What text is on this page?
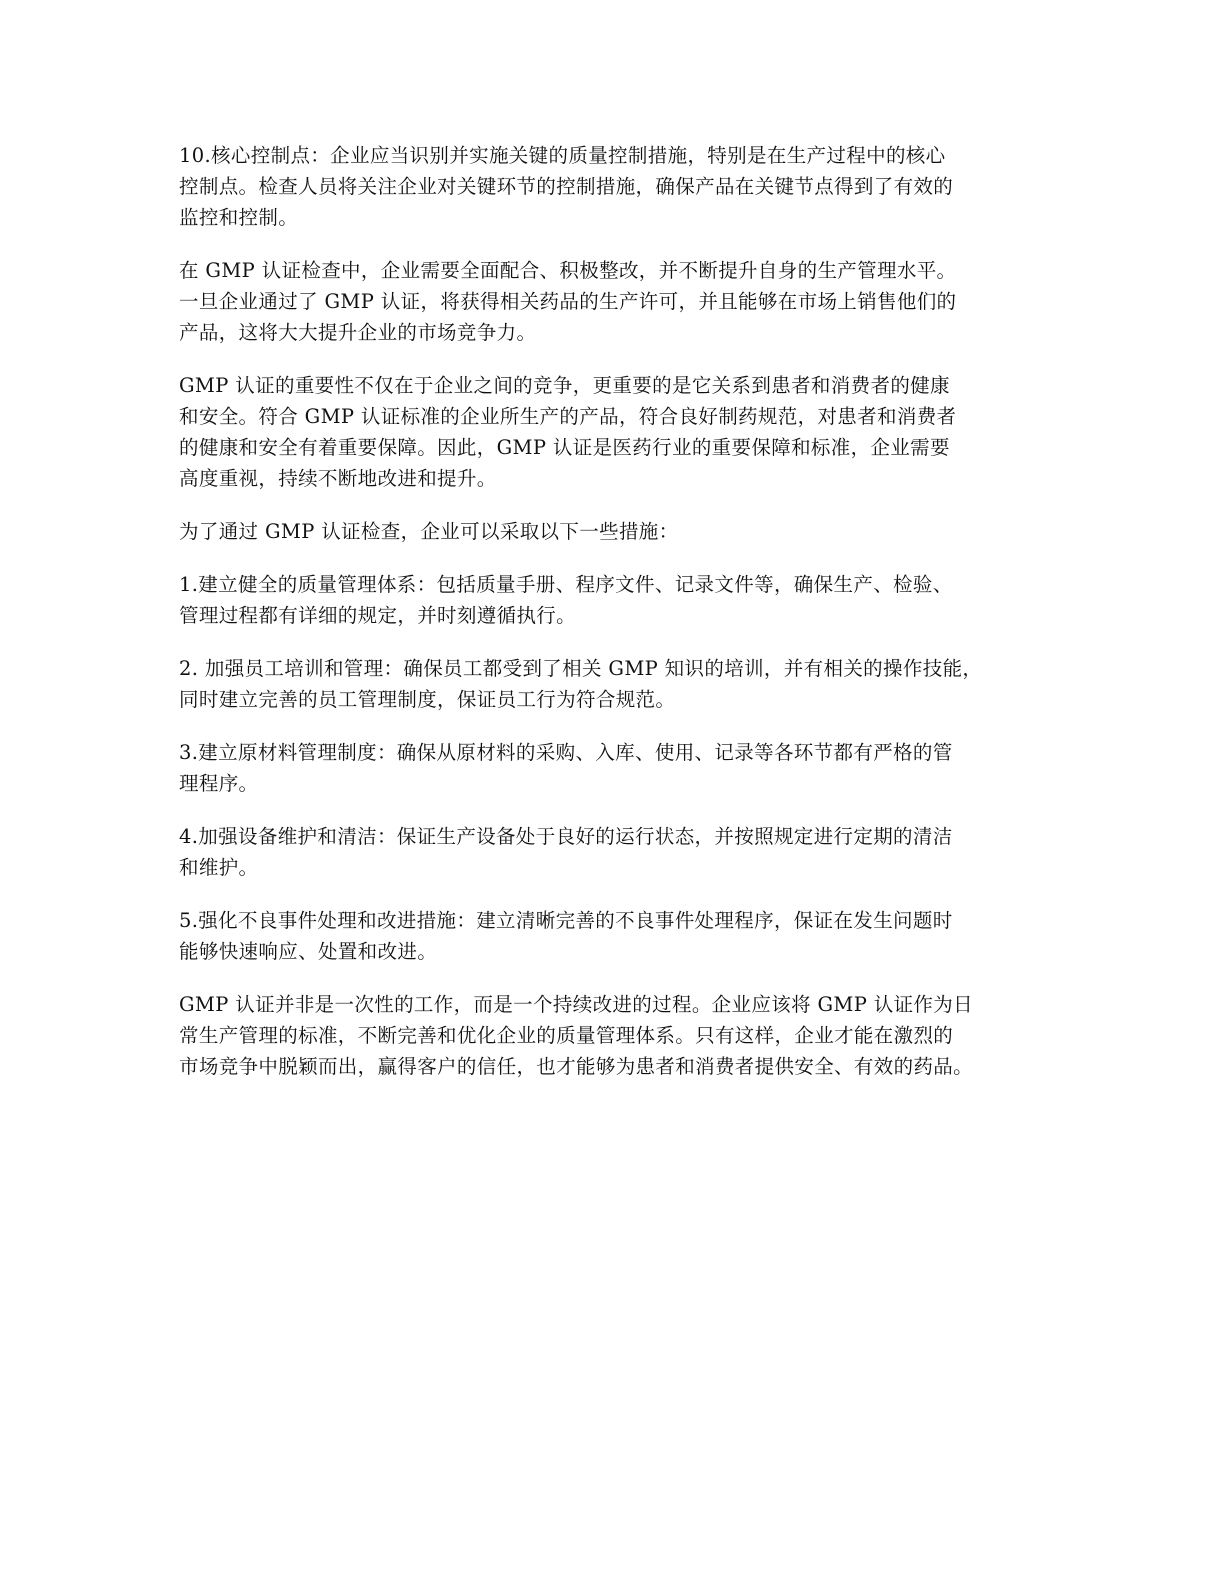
10.核心控制点：企业应当识别并实施关键的质量控制措施，特别是在生产过程中的核心
控制点。检查人员将关注企业对关键环节的控制措施，确保产品在关键节点得到了有效的
监控和控制。

在 GMP 认证检查中，企业需要全面配合、积极整改，并不断提升自身的生产管理水平。
一旦企业通过了 GMP 认证，将获得相关药品的生产许可，并且能够在市场上销售他们的
产品，这将大大提升企业的市场竞争力。

GMP 认证的重要性不仅在于企业之间的竞争，更重要的是它关系到患者和消费者的健康
和安全。符合 GMP 认证标准的企业所生产的产品，符合良好制药规范，对患者和消费者
的健康和安全有着重要保障。因此，GMP 认证是医药行业的重要保障和标准，企业需要
高度重视，持续不断地改进和提升。

为了通过 GMP 认证检查，企业可以采取以下一些措施：

1.建立健全的质量管理体系：包括质量手册、程序文件、记录文件等，确保生产、检验、
管理过程都有详细的规定，并时刻遵循执行。

2. 加强员工培训和管理：确保员工都受到了相关 GMP 知识的培训，并有相关的操作技能，
同时建立完善的员工管理制度，保证员工行为符合规范。

3.建立原材料管理制度：确保从原材料的采购、入库、使用、记录等各环节都有严格的管
理程序。

4.加强设备维护和清洁：保证生产设备处于良好的运行状态，并按照规定进行定期的清洁
和维护。

5.强化不良事件处理和改进措施：建立清晰完善的不良事件处理程序，保证在发生问题时
能够快速响应、处置和改进。

GMP 认证并非是一次性的工作，而是一个持续改进的过程。企业应该将 GMP 认证作为日
常生产管理的标准，不断完善和优化企业的质量管理体系。只有这样，企业才能在激烈的
市场竞争中脱颖而出，赢得客户的信任，也才能够为患者和消费者提供安全、有效的药品。
